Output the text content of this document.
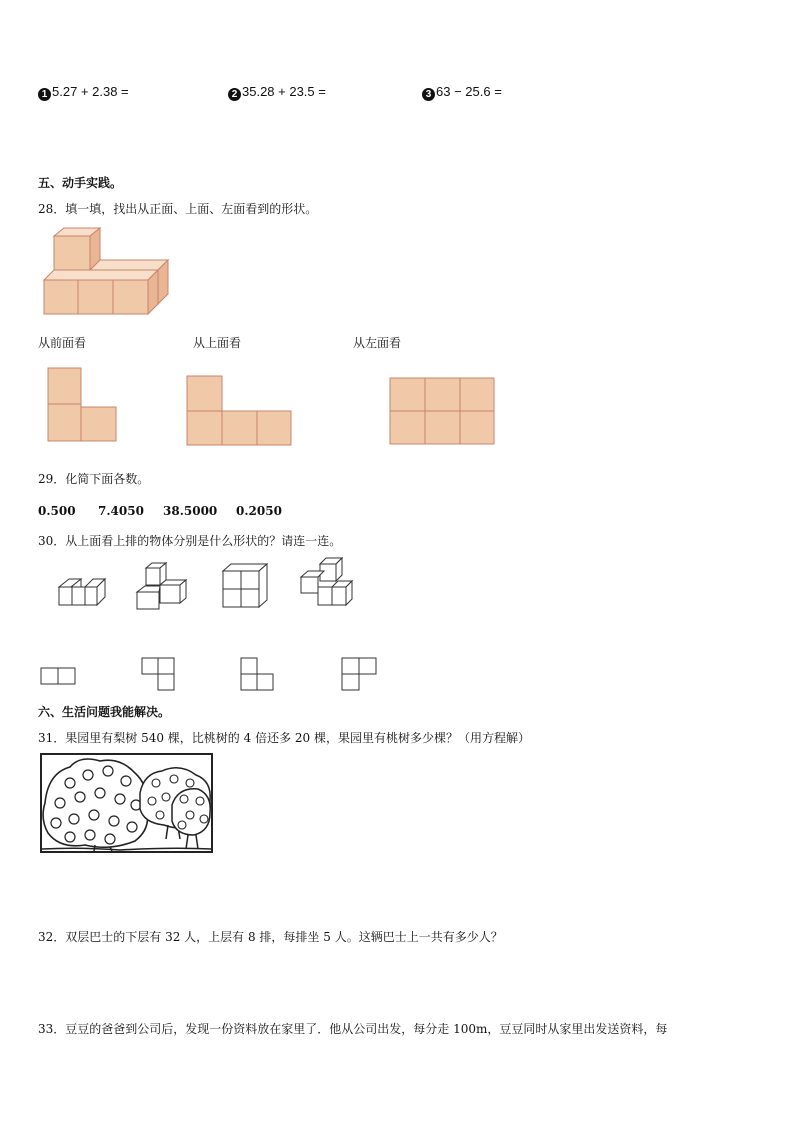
1 5.27 + 2.38 =	2 35.28 + 23.5 =	3 63 − 25.6 =
五、动手实践。
28．填一填，找出从正面、上面、左面看到的形状。
从前面看	从上面看	从左面看
29．化简下面各数。
0.500 7.4050 38.5000 0.2050
30．从上面看上排的物体分别是什么形状的？请连一连。
六、生活问题我能解决。
31．果园里有梨树 540 棵，比桃树的 4 倍还多 20 棵，果园里有桃树多少棵？（用方程解）
32．双层巴士的下层有 32 人，上层有 8 排，每排坐 5 人。这辆巴士上一共有多少人？
33．豆豆的爸爸到公司后，发现一份资料放在家里了．他从公司出发，每分走 100m，豆豆同时从家里出发送资料，每
